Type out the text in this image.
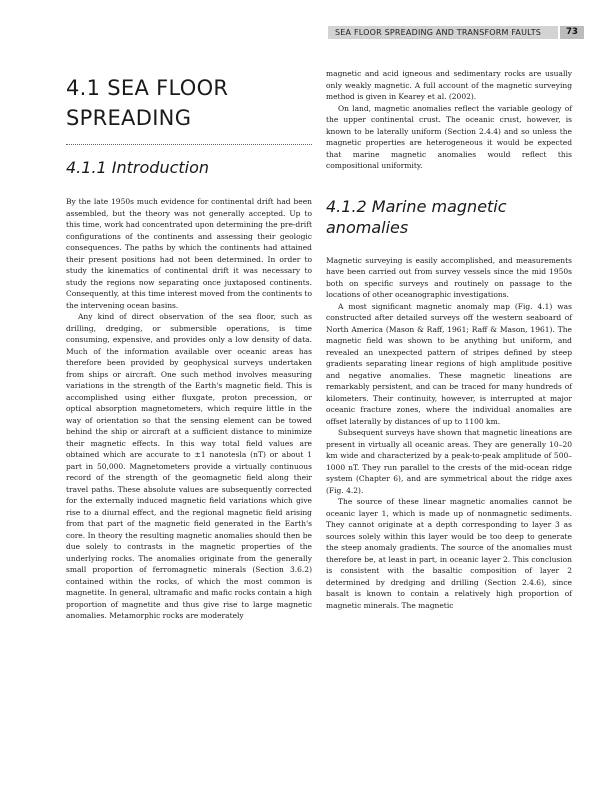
SEA FLOOR SPREADING AND TRANSFORM FAULTS	73
4.1 SEA FLOOR SPREADING
4.1.1 Introduction

By the late 1950s much evidence for continental drift had been assembled, but the theory was not generally accepted. Up to this time, work had concentrated upon determining the pre-drift configurations of the continents and assessing their geologic consequences. The paths by which the continents had attained their present positions had not been determined. In order to study the kinematics of continental drift it was necessary to study the regions now separating once juxtaposed continents. Consequently, at this time interest moved from the continents to the intervening ocean basins.

Any kind of direct observation of the sea floor, such as drilling, dredging, or submersible operations, is time consuming, expensive, and provides only a low density of data. Much of the information available over oceanic areas has therefore been provided by geophysical surveys undertaken from ships or aircraft. One such method involves measuring variations in the strength of the Earth's magnetic field. This is accomplished using either fluxgate, proton precession, or optical absorption magnetometers, which require little in the way of orientation so that the sensing element can be towed behind the ship or aircraft at a sufficient distance to minimize their magnetic effects. In this way total field values are obtained which are accurate to ±1 nanotesla (nT) or about 1 part in 50,000. Magnetometers provide a virtually continuous record of the strength of the geomagnetic field along their travel paths. These absolute values are subsequently corrected for the externally induced magnetic field variations which give rise to a diurnal effect, and the regional magnetic field arising from that part of the magnetic field generated in the Earth's core. In theory the resulting magnetic anomalies should then be due solely to contrasts in the magnetic properties of the underlying rocks. The anomalies originate from the generally small proportion of ferromagnetic minerals (Section 3.6.2) contained within the rocks, of which the most common is magnetite. In general, ultramafic and mafic rocks contain a high proportion of magnetite and thus give rise to large magnetic anomalies. Metamorphic rocks are moderately

magnetic and acid igneous and sedimentary rocks are usually only weakly magnetic. A full account of the magnetic surveying method is given in Kearey et al. (2002).

On land, magnetic anomalies reflect the variable geology of the upper continental crust. The oceanic crust, however, is known to be laterally uniform (Section 2.4.4) and so unless the magnetic properties are heterogeneous it would be expected that marine magnetic anomalies would reflect this compositional uniformity.

4.1.2 Marine magnetic anomalies

Magnetic surveying is easily accomplished, and measurements have been carried out from survey vessels since the mid 1950s both on specific surveys and routinely on passage to the locations of other oceanographic investigations.

A most significant magnetic anomaly map (Fig. 4.1) was constructed after detailed surveys off the western seaboard of North America (Mason & Raff, 1961; Raff & Mason, 1961). The magnetic field was shown to be anything but uniform, and revealed an unexpected pattern of stripes defined by steep gradients separating linear regions of high amplitude positive and negative anomalies. These magnetic lineations are remarkably persistent, and can be traced for many hundreds of kilometers. Their continuity, however, is interrupted at major oceanic fracture zones, where the individual anomalies are offset laterally by distances of up to 1100 km.

Subsequent surveys have shown that magnetic lineations are present in virtually all oceanic areas. They are generally 10–20 km wide and characterized by a peak-to-peak amplitude of 500–1000 nT. They run parallel to the crests of the mid-ocean ridge system (Chapter 6), and are symmetrical about the ridge axes (Fig. 4.2).

The source of these linear magnetic anomalies cannot be oceanic layer 1, which is made up of nonmagnetic sediments. They cannot originate at a depth corresponding to layer 3 as sources solely within this layer would be too deep to generate the steep anomaly gradients. The source of the anomalies must therefore be, at least in part, in oceanic layer 2. This conclusion is consistent with the basaltic composition of layer 2 determined by dredging and drilling (Section 2.4.6), since basalt is known to contain a relatively high proportion of magnetic minerals. The magnetic
